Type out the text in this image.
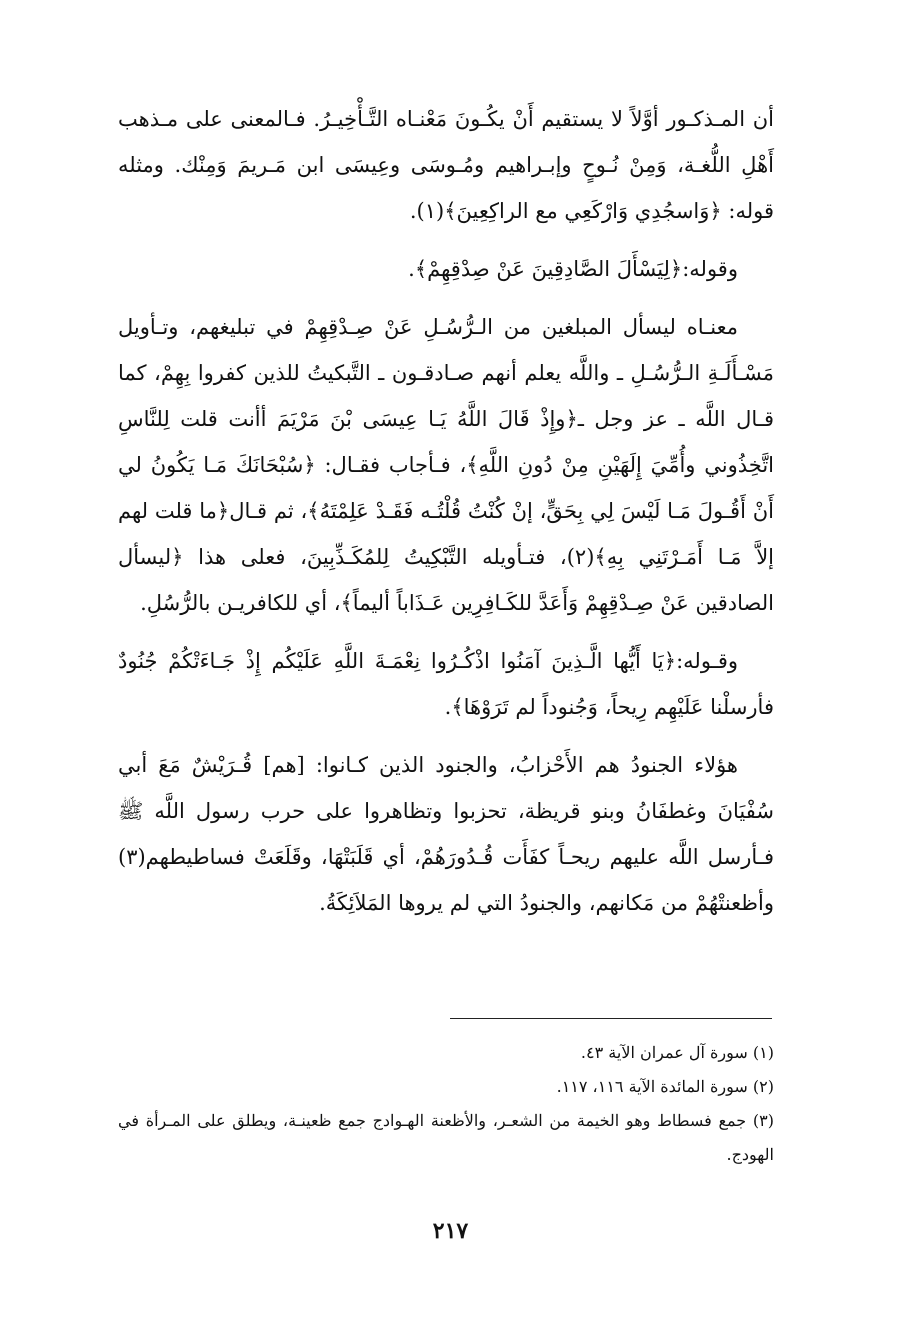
أن المـذكـور أوَّلاً لا يستقيم أَنْ يكُـونَ مَعْنـاه التَّـأْخِيـرُ. فـالمعنى على مـذهب أَهْلِ اللُّغـة، وَمِنْ نُـوحٍ وإبـراهيم ومُـوسَى وعِيسَى ابن مَـريمَ وَمِنْك. ومثله قوله: ﴿وَاسجُدِي وَارْكَعِي مع الراكِعِينَ﴾(١).

وقوله:﴿لِيَسْأَلَ الصَّادِقِينَ عَنْ صِدْقِهِمْ﴾.

معنـاه ليسأل المبلغين من الـرُّسُـلِ عَنْ صِـدْقِهِمْ في تبليغهم، وتـأويل مَسْـأَلَـةِ الـرُّسُـلِ ـ واللَّه يعلم أنهم صـادقـون ـ التَّبكيتُ للذين كفروا بِهِمْ، كما قـال اللَّه ـ عز وجل ـ﴿وإِذْ قَالَ اللَّهُ يَـا عِيسَى بْنَ مَرْيَمَ أأنت قلت لِلنَّاسِ اتَّخِذُوني وأُمِّيَ إِلَهَيْنِ مِنْ دُونِ اللَّهِ﴾، فـأجاب فقـال: ﴿سُبْحَانَكَ مَـا يَكُونُ لي أَنْ أَقُـولَ مَـا لَيْسَ لِي بِحَقٍّ، إنْ كُنْتُ قُلْتُـه فَقَـدْ عَلِمْتَهُ﴾، ثم قـال﴿ما قلت لهم إلاَّ مَـا أَمَـرْتَنِي بِهِ﴾(٢)، فتـأويله التَّبْكِيتُ لِلمُكَـذِّبِينَ، فعلى هذا ﴿ليسأل الصادقين عَنْ صِـدْقِهِمْ وَأَعَدَّ للكَـافِرِين عَـذَاباً أليماً﴾، أي للكافريـن بالرُّسُلِ.

وقـوله:﴿يَا أَيُّها الَّـذِينَ آمَنُوا اذْكُـرُوا نِعْمَـةَ اللَّهِ عَلَيْكُم إِذْ جَـاءَتْكُمْ جُنُودٌ فأرسلْنا عَلَيْهِم رِيحاً، وَجُنوداً لم تَرَوْهَا﴾.

هؤلاء الجنودُ هم الأَحْزابُ، والجنود الذين كـانوا: [هم] قُـرَيْشٌ مَعَ أبي سُفْيَانَ وغطفَانُ وبنو قريظة، تحزبوا وتظاهروا على حرب رسول اللَّه ﷺ فـأرسل اللَّه عليهم ريحـاً كفَأَت قُـدُورَهُمْ، أي قَلَبَتْهَا، وقَلَعَتْ فساطيطهم(٣) وأظعنتْهُمْ من مَكانهم، والجنودُ التي لم يروها المَلاَئِكَةُ.

(١) سورة آل عمران الآية ٤٣.

(٢) سورة المائدة الآية ١١٦، ١١٧.

(٣) جمع فسطاط وهو الخيمة من الشعـر، والأظعنة الهـوادج جمع ظعينـة، ويطلق على المـرأة في الهودج.

٢١٧
